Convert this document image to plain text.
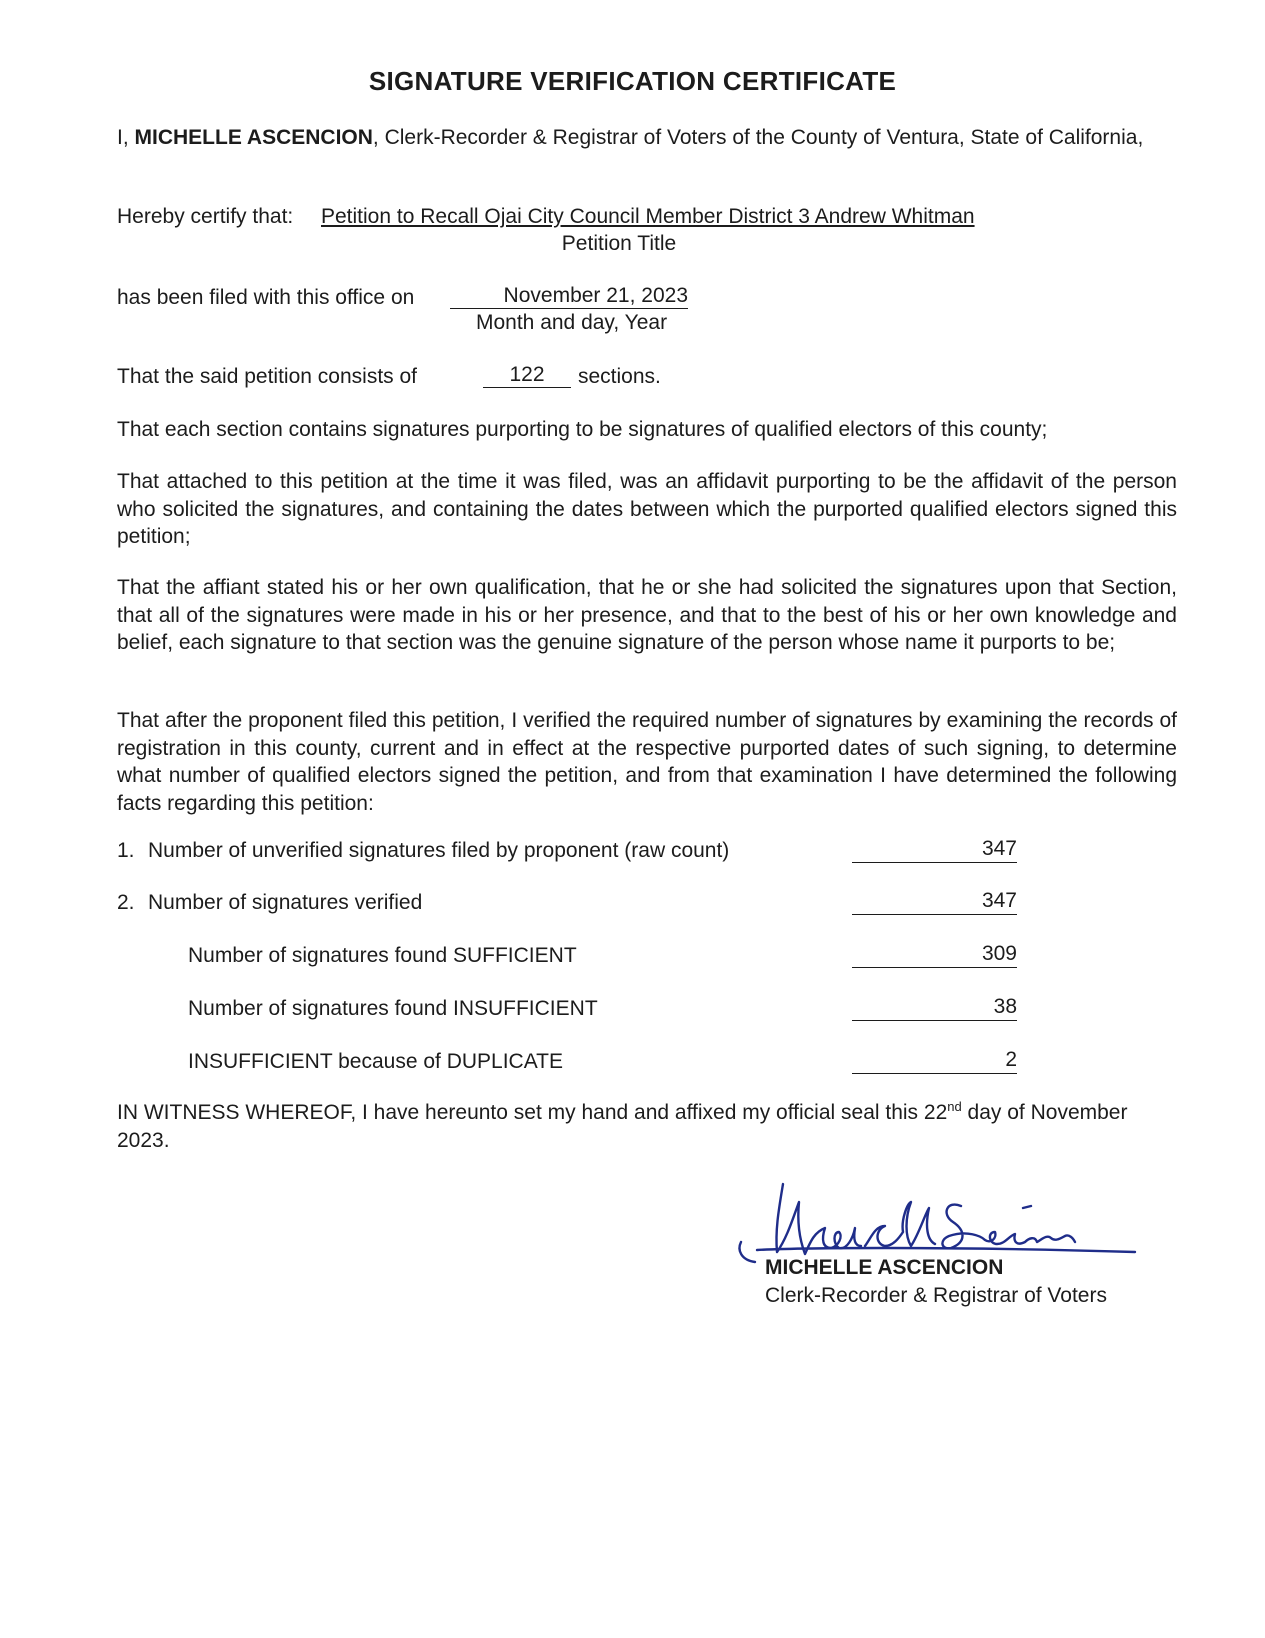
SIGNATURE VERIFICATION CERTIFICATE
I, MICHELLE ASCENCION, Clerk-Recorder & Registrar of Voters of the County of Ventura, State of California,
Hereby certify that: Petition to Recall Ojai City Council Member District 3 Andrew Whitman
Petition Title
has been filed with this office on	November 21, 2023
Month and day, Year
That the said petition consists of	122	sections.
That each section contains signatures purporting to be signatures of qualified electors of this county;
That attached to this petition at the time it was filed, was an affidavit purporting to be the affidavit of the person who solicited the signatures, and containing the dates between which the purported qualified electors signed this petition;
That the affiant stated his or her own qualification, that he or she had solicited the signatures upon that Section, that all of the signatures were made in his or her presence, and that to the best of his or her own knowledge and belief, each signature to that section was the genuine signature of the person whose name it purports to be;
That after the proponent filed this petition, I verified the required number of signatures by examining the records of registration in this county, current and in effect at the respective purported dates of such signing, to determine what number of qualified electors signed the petition, and from that examination I have determined the following facts regarding this petition:
1. Number of unverified signatures filed by proponent (raw count)	347
2. Number of signatures verified	347
Number of signatures found SUFFICIENT	309
Number of signatures found INSUFFICIENT	38
INSUFFICIENT because of DUPLICATE	2
IN WITNESS WHEREOF, I have hereunto set my hand and affixed my official seal this 22nd day of November 2023.
MICHELLE ASCENCION
Clerk-Recorder & Registrar of Voters
